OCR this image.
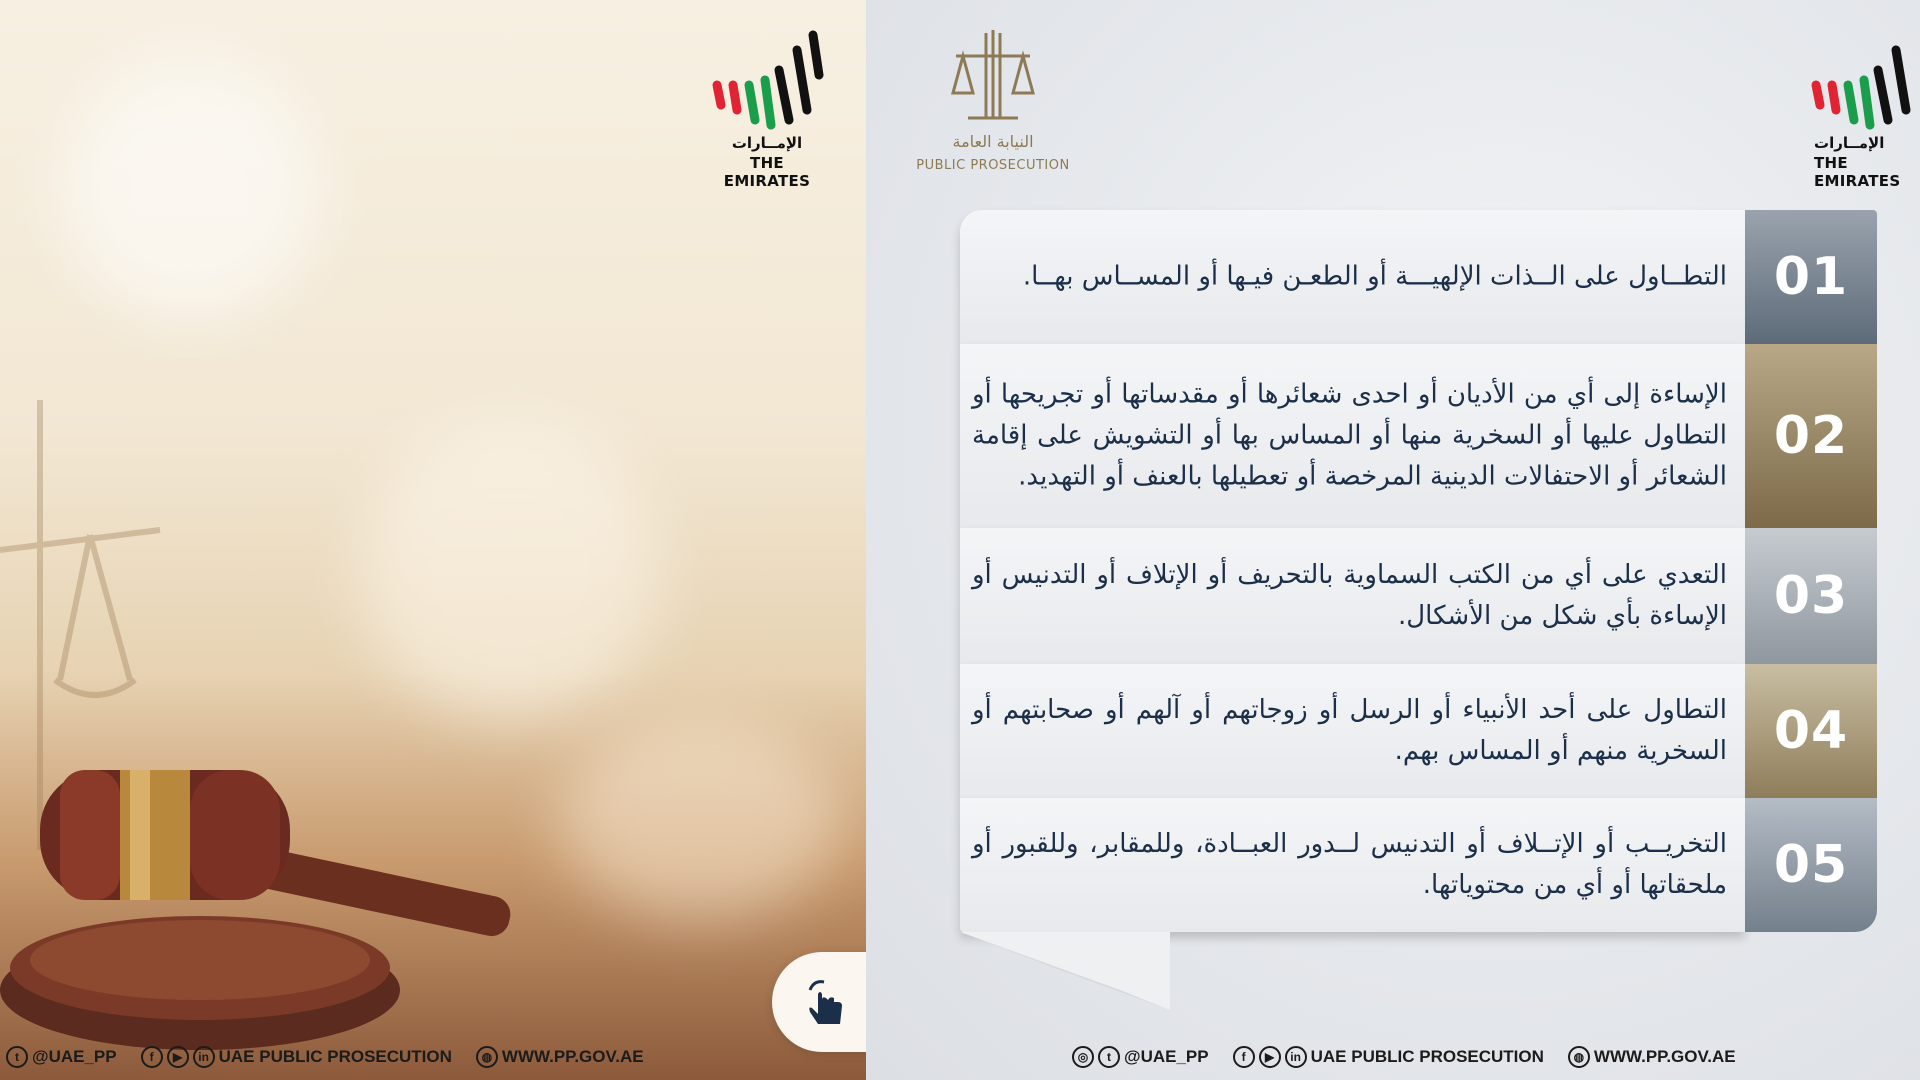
الإمــارات
THE EMIRATES
t @UAE_PP	f	▶	in UAE PUBLIC PROSECUTION	◍ WWW.PP.GOV.AE
النيابة العامة
PUBLIC PROSECUTION
الإمــارات
THE EMIRATES
01
التطــاول على الــذات الإلهيـــة أو الطعـن فيـها أو المســاس بهــا.
02
الإساءة إلى أي من الأديان أو احدى شعائرها أو مقدساتها أو تجريحها أو التطاول عليها أو السخرية منها أو المساس بها أو التشويش على إقامة الشعائر أو الاحتفالات الدينية المرخصة أو تعطيلها بالعنف أو التهديد.
03
التعدي على أي من الكتب السماوية بالتحريف أو الإتلاف أو التدنيس أو الإساءة بأي شكل من الأشكال.
04
التطاول على أحد الأنبياء أو الرسل أو زوجاتهم أو آلهم أو صحابتهم أو السخرية منهم أو المساس بهم.
05
التخريــب أو الإتــلاف أو التدنيس لــدور العبــادة، وللمقابر، وللقبور أو ملحقاتها أو أي من محتوياتها.
◎	t @UAE_PP	f	▶	in UAE PUBLIC PROSECUTION	◍ WWW.PP.GOV.AE
